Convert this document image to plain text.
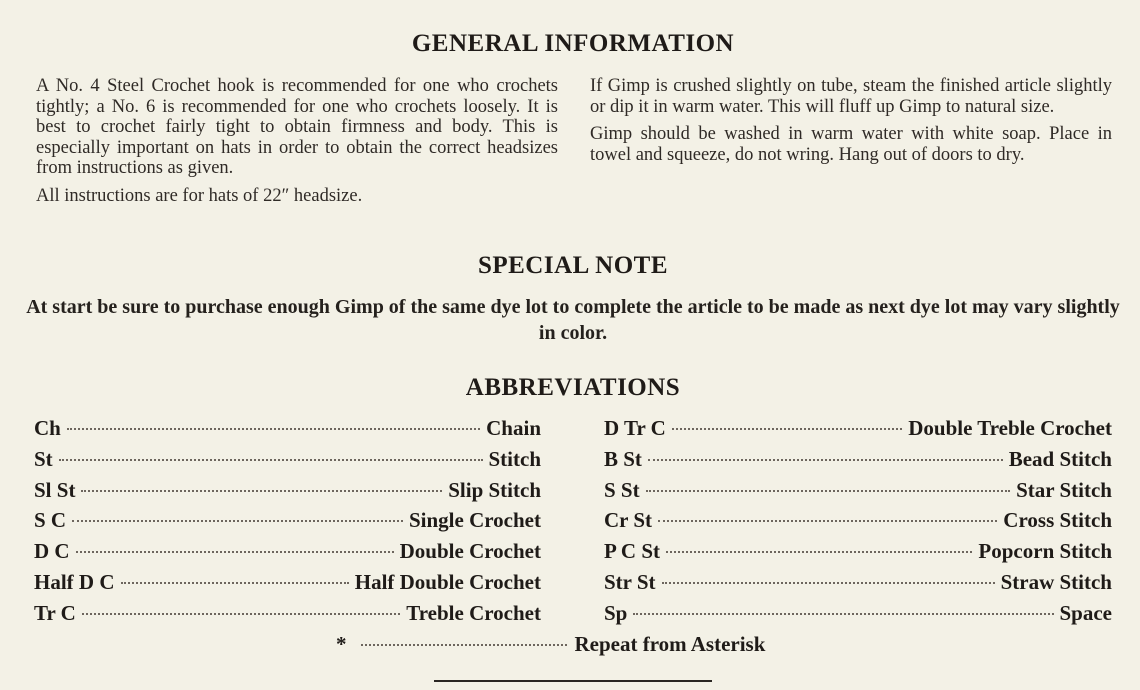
GENERAL INFORMATION

A No. 4 Steel Crochet hook is recommended for one who crochets tightly; a No. 6 is recommended for one who crochets loosely. It is best to crochet fairly tight to obtain firmness and body. This is especially important on hats in order to obtain the correct headsizes from instructions as given.

All instructions are for hats of 22″ headsize.

If Gimp is crushed slightly on tube, steam the finished article slightly or dip it in warm water. This will fluff up Gimp to natural size.

Gimp should be washed in warm water with white soap. Place in towel and squeeze, do not wring. Hang out of doors to dry.

SPECIAL NOTE
At start be sure to purchase enough Gimp of the same dye lot to complete the article to be made as next dye lot may vary slightly in color.
ABBREVIATIONS
Ch	Chain
St	Stitch
Sl St	Slip Stitch
S C	Single Crochet
D C	Double Crochet
Half D C	Half Double Crochet
Tr C	Treble Crochet
D Tr C	Double Treble Crochet
B St	Bead Stitch
S St	Star Stitch
Cr St	Cross Stitch
P C St	Popcorn Stitch
Str St	Straw Stitch
Sp	Space
*	Repeat from Asterisk
